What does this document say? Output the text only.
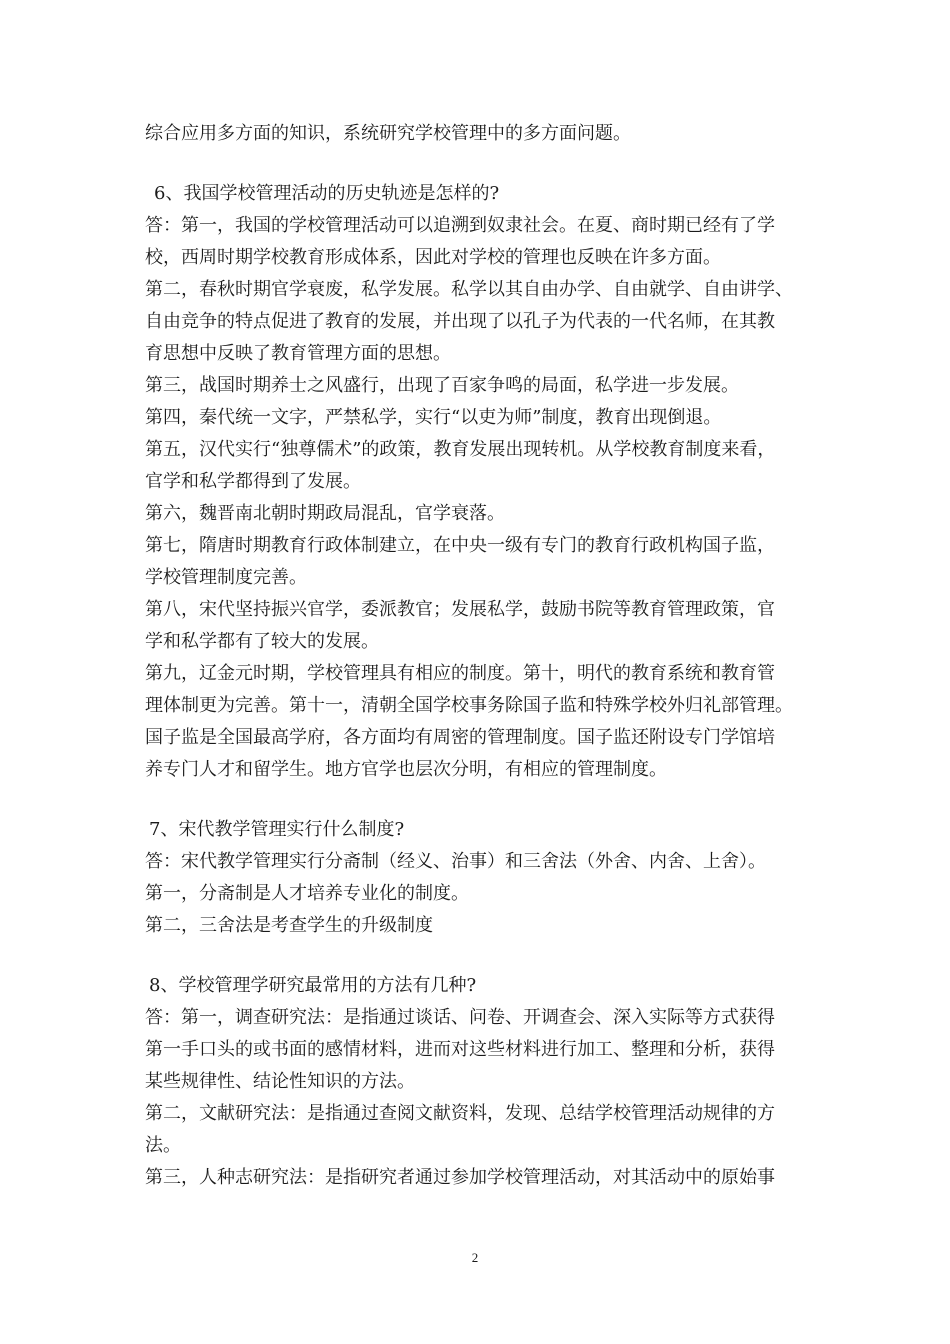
综合应用多方面的知识，系统研究学校管理中的多方面问题。
6、我国学校管理活动的历史轨迹是怎样的?
答：第一，我国的学校管理活动可以追溯到奴隶社会。在夏、商时期已经有了学
校，西周时期学校教育形成体系，因此对学校的管理也反映在许多方面。
第二，春秋时期官学衰废，私学发展。私学以其自由办学、自由就学、自由讲学、
自由竞争的特点促进了教育的发展，并出现了以孔子为代表的一代名师，在其教
育思想中反映了教育管理方面的思想。
第三，战国时期养士之风盛行，出现了百家争鸣的局面，私学进一步发展。
第四，秦代统一文字，严禁私学，实行“以吏为师”制度，教育出现倒退。
第五，汉代实行“独尊儒术”的政策，教育发展出现转机。从学校教育制度来看，
官学和私学都得到了发展。
第六，魏晋南北朝时期政局混乱，官学衰落。
第七，隋唐时期教育行政体制建立，在中央一级有专门的教育行政机构国子监，
学校管理制度完善。
第八，宋代坚持振兴官学，委派教官；发展私学，鼓励书院等教育管理政策，官
学和私学都有了较大的发展。
第九，辽金元时期，学校管理具有相应的制度。第十，明代的教育系统和教育管
理体制更为完善。第十一，清朝全国学校事务除国子监和特殊学校外归礼部管理。
国子监是全国最高学府，各方面均有周密的管理制度。国子监还附设专门学馆培
养专门人才和留学生。地方官学也层次分明，有相应的管理制度。
7、宋代教学管理实行什么制度?
答：宋代教学管理实行分斋制（经义、治事）和三舍法（外舍、内舍、上舍）。
第一，分斋制是人才培养专业化的制度。
第二，三舍法是考查学生的升级制度
8、学校管理学研究最常用的方法有几种?
答：第一，调查研究法：是指通过谈话、问卷、开调查会、深入实际等方式获得
第一手口头的或书面的感情材料，进而对这些材料进行加工、整理和分析，获得
某些规律性、结论性知识的方法。
第二，文献研究法：是指通过查阅文献资料，发现、总结学校管理活动规律的方
法。
第三，人种志研究法：是指研究者通过参加学校管理活动，对其活动中的原始事
2
